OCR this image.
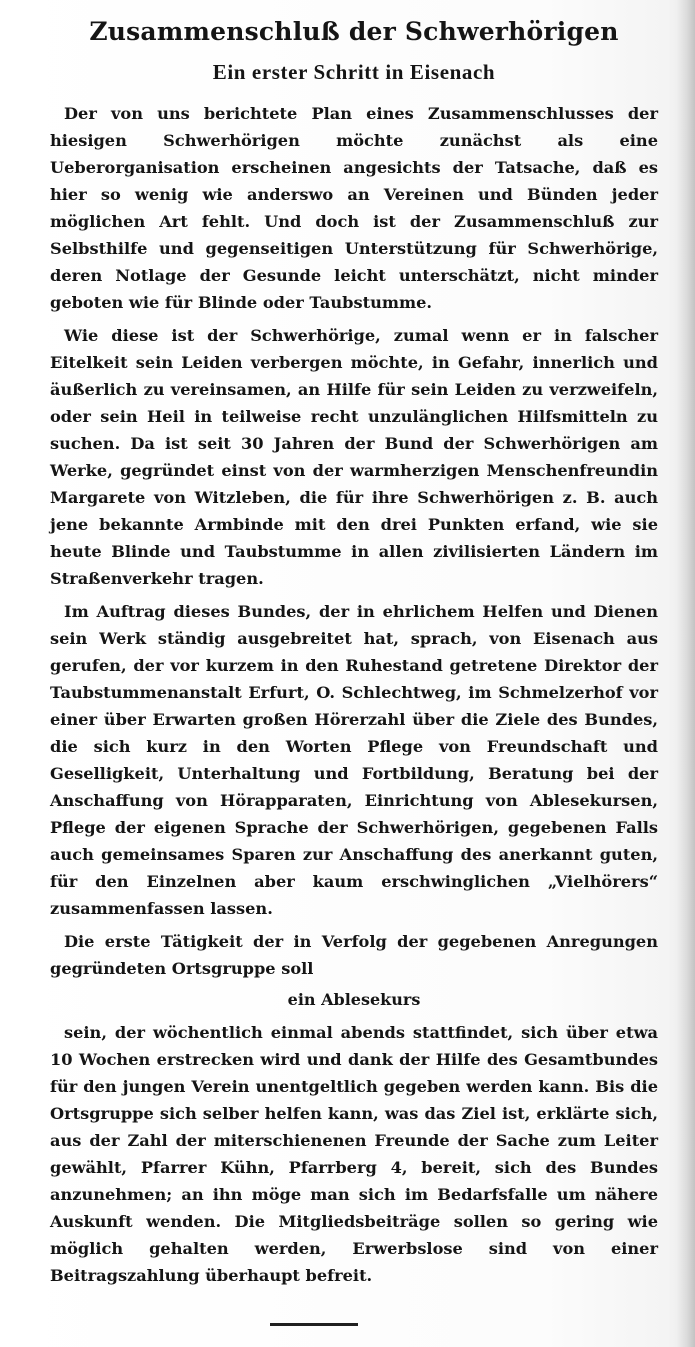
Zusammenschluß der Schwerhörigen
Ein erster Schritt in Eisenach

Der von uns berichtete Plan eines Zusammenschlusses der hiesigen Schwerhörigen möchte zunächst als eine Ueberorganisation erscheinen angesichts der Tatsache, daß es hier so wenig wie anderswo an Vereinen und Bünden jeder möglichen Art fehlt. Und doch ist der Zusammenschluß zur Selbsthilfe und gegenseitigen Unterstützung für Schwerhörige, deren Notlage der Gesunde leicht unterschätzt, nicht minder geboten wie für Blinde oder Taubstumme.

Wie diese ist der Schwerhörige, zumal wenn er in falscher Eitelkeit sein Leiden verbergen möchte, in Gefahr, innerlich und äußerlich zu vereinsamen, an Hilfe für sein Leiden zu verzweifeln, oder sein Heil in teilweise recht unzulänglichen Hilfsmitteln zu suchen. Da ist seit 30 Jahren der Bund der Schwerhörigen am Werke, gegründet einst von der warmherzigen Menschenfreundin Margarete von Witzleben, die für ihre Schwerhörigen z. B. auch jene bekannte Armbinde mit den drei Punkten erfand, wie sie heute Blinde und Taubstumme in allen zivilisierten Ländern im Straßenverkehr tragen.

Im Auftrag dieses Bundes, der in ehrlichem Helfen und Dienen sein Werk ständig ausgebreitet hat, sprach, von Eisenach aus gerufen, der vor kurzem in den Ruhestand getretene Direktor der Taubstummenanstalt Erfurt, O. Schlechtweg, im Schmelzerhof vor einer über Erwarten großen Hörerzahl über die Ziele des Bundes, die sich kurz in den Worten Pflege von Freundschaft und Geselligkeit, Unterhaltung und Fortbildung, Beratung bei der Anschaffung von Hörapparaten, Einrichtung von Ablesekursen, Pflege der eigenen Sprache der Schwerhörigen, gegebenen Falls auch gemeinsames Sparen zur Anschaffung des anerkannt guten, für den Einzelnen aber kaum erschwinglichen „Vielhörers“ zusammenfassen lassen.

Die erste Tätigkeit der in Verfolg der gegebenen Anregungen gegründeten Ortsgruppe soll

ein Ablesekurs

sein, der wöchentlich einmal abends stattfindet, sich über etwa 10 Wochen erstrecken wird und dank der Hilfe des Gesamtbundes für den jungen Verein unentgeltlich gegeben werden kann. Bis die Ortsgruppe sich selber helfen kann, was das Ziel ist, erklärte sich, aus der Zahl der miterschienenen Freunde der Sache zum Leiter gewählt, Pfarrer Kühn, Pfarrberg 4, bereit, sich des Bundes anzunehmen; an ihn möge man sich im Bedarfsfalle um nähere Auskunft wenden. Die Mitgliedsbeiträge sollen so gering wie möglich gehalten werden, Erwerbslose sind von einer Beitragszahlung überhaupt befreit.
